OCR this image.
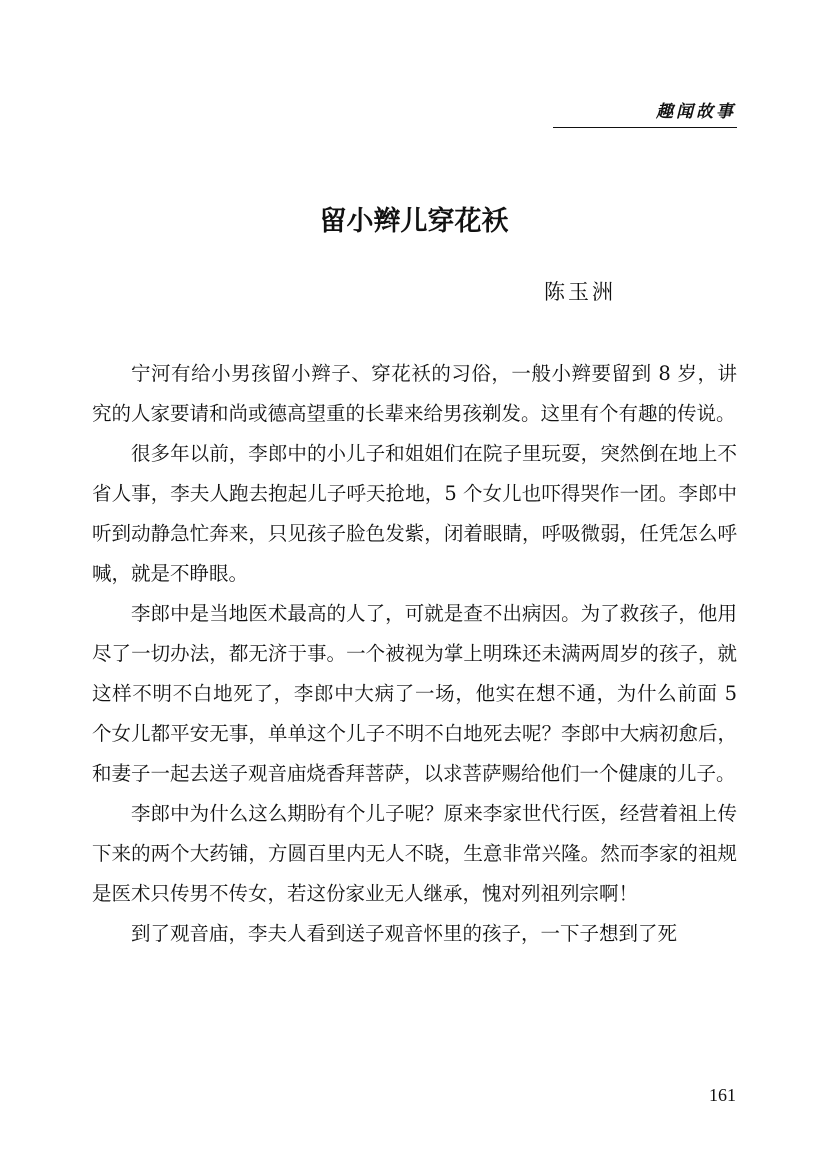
趣闻故事
留小辫儿穿花袄
陈玉洲

宁河有给小男孩留小辫子、穿花袄的习俗，一般小辫要留到 8 岁，讲究的人家要请和尚或德高望重的长辈来给男孩剃发。这里有个有趣的传说。

很多年以前，李郎中的小儿子和姐姐们在院子里玩耍，突然倒在地上不省人事，李夫人跑去抱起儿子呼天抢地，5 个女儿也吓得哭作一团。李郎中听到动静急忙奔来，只见孩子脸色发紫，闭着眼睛，呼吸微弱，任凭怎么呼喊，就是不睁眼。

李郎中是当地医术最高的人了，可就是查不出病因。为了救孩子，他用尽了一切办法，都无济于事。一个被视为掌上明珠还未满两周岁的孩子，就这样不明不白地死了，李郎中大病了一场，他实在想不通，为什么前面 5 个女儿都平安无事，单单这个儿子不明不白地死去呢？李郎中大病初愈后，和妻子一起去送子观音庙烧香拜菩萨，以求菩萨赐给他们一个健康的儿子。

李郎中为什么这么期盼有个儿子呢？原来李家世代行医，经营着祖上传下来的两个大药铺，方圆百里内无人不晓，生意非常兴隆。然而李家的祖规是医术只传男不传女，若这份家业无人继承，愧对列祖列宗啊！

到了观音庙，李夫人看到送子观音怀里的孩子，一下子想到了死

161
